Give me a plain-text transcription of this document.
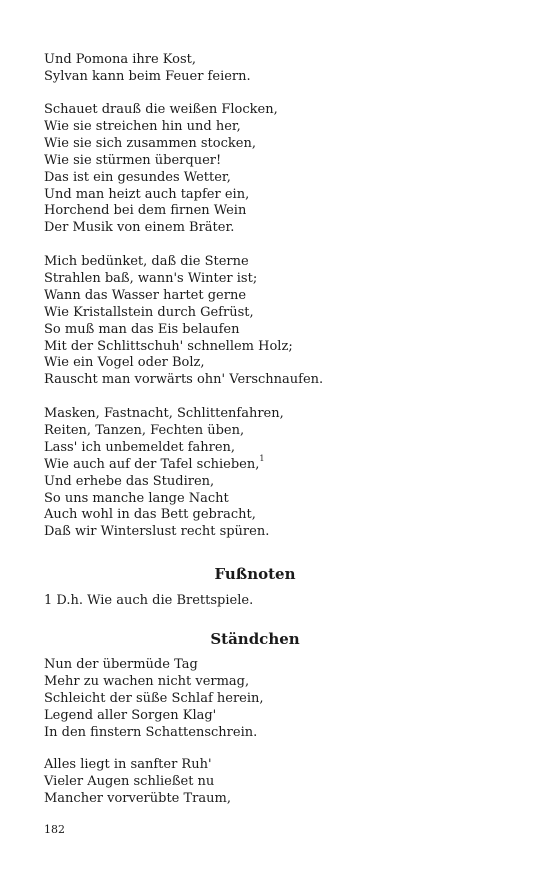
Und Pomona ihre Kost,
Sylvan kann beim Feuer feiern.
Schauet drauß die weißen Flocken,
Wie sie streichen hin und her,
Wie sie sich zusammen stocken,
Wie sie stürmen überquer!
Das ist ein gesundes Wetter,
Und man heizt auch tapfer ein,
Horchend bei dem firnen Wein
Der Musik von einem Bräter.
Mich bedünket, daß die Sterne
Strahlen baß, wann's Winter ist;
Wann das Wasser hartet gerne
Wie Kristallstein durch Gefrüst,
So muß man das Eis belaufen
Mit der Schlittschuh' schnellem Holz;
Wie ein Vogel oder Bolz,
Rauscht man vorwärts ohn' Verschnaufen.
Masken, Fastnacht, Schlittenfahren,
Reiten, Tanzen, Fechten üben,
Lass' ich unbemeldet fahren,
Wie auch auf der Tafel schieben,$^1$
Und erhebe das Studiren,
So uns manche lange Nacht
Auch wohl in das Bett gebracht,
Daß wir Winterslust recht spüren.
Fußnoten
1 D.h. Wie auch die Brettspiele.
Ständchen
Nun der übermüde Tag
Mehr zu wachen nicht vermag,
Schleicht der süße Schlaf herein,
Legend aller Sorgen Klag'
In den finstern Schattenschrein.
Alles liegt in sanfter Ruh'
Vieler Augen schließet nu
Mancher vorverübte Traum,
182
